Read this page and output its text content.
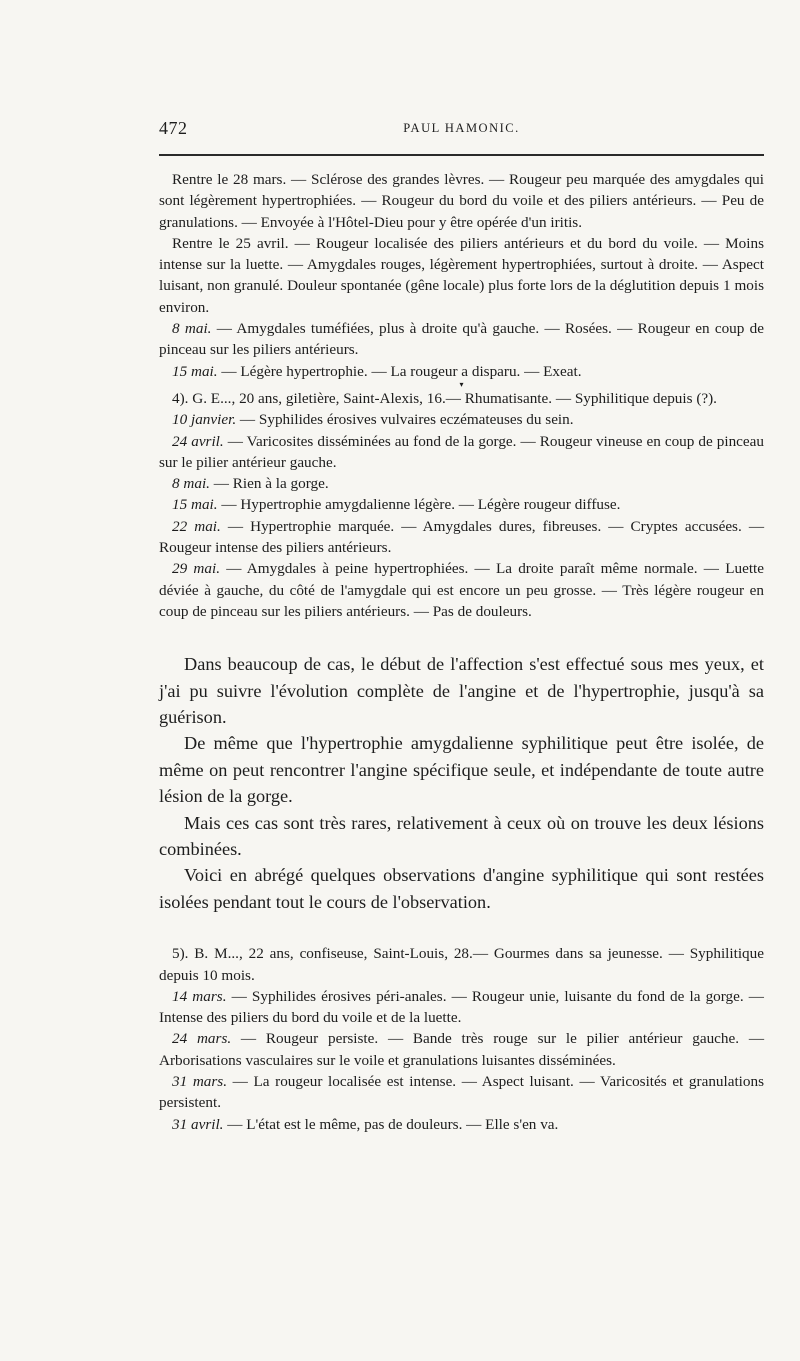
472	PAUL HAMONIC.

Rentre le 28 mars. — Sclérose des grandes lèvres. — Rougeur peu marquée des amygdales qui sont légèrement hypertrophiées. — Rougeur du bord du voile et des piliers antérieurs. — Peu de granulations. — Envoyée à l'Hôtel-Dieu pour y être opérée d'un iritis.

Rentre le 25 avril. — Rougeur localisée des piliers antérieurs et du bord du voile. — Moins intense sur la luette. — Amygdales rouges, légèrement hypertrophiées, surtout à droite. — Aspect luisant, non granulé. Douleur spontanée (gêne locale) plus forte lors de la déglutition depuis 1 mois environ.

8 mai. — Amygdales tuméfiées, plus à droite qu'à gauche. — Rosées. — Rougeur en coup de pinceau sur les piliers antérieurs.

15 mai. — Légère hypertrophie. — La rougeur a disparu. — Exeat.

▾

4). G. E..., 20 ans, giletière, Saint-Alexis, 16.— Rhumatisante. — Syphilitique depuis (?).

10 janvier. — Syphilides érosives vulvaires eczémateuses du sein.

24 avril. — Varicosites disséminées au fond de la gorge. — Rougeur vineuse en coup de pinceau sur le pilier antérieur gauche.

8 mai. — Rien à la gorge.

15 mai. — Hypertrophie amygdalienne légère. — Légère rougeur diffuse.

22 mai. — Hypertrophie marquée. — Amygdales dures, fibreuses. — Cryptes accusées. — Rougeur intense des piliers antérieurs.

29 mai. — Amygdales à peine hypertrophiées. — La droite paraît même normale. — Luette déviée à gauche, du côté de l'amygdale qui est encore un peu grosse. — Très légère rougeur en coup de pinceau sur les piliers antérieurs. — Pas de douleurs.

Dans beaucoup de cas, le début de l'affection s'est effectué sous mes yeux, et j'ai pu suivre l'évolution complète de l'angine et de l'hypertrophie, jusqu'à sa guérison.

De même que l'hypertrophie amygdalienne syphilitique peut être isolée, de même on peut rencontrer l'angine spécifique seule, et indépendante de toute autre lésion de la gorge.

Mais ces cas sont très rares, relativement à ceux où on trouve les deux lésions combinées.

Voici en abrégé quelques observations d'angine syphilitique qui sont restées isolées pendant tout le cours de l'observation.

5). B. M..., 22 ans, confiseuse, Saint-Louis, 28.— Gourmes dans sa jeunesse. — Syphilitique depuis 10 mois.

14 mars. — Syphilides érosives péri-anales. — Rougeur unie, luisante du fond de la gorge. — Intense des piliers du bord du voile et de la luette.

24 mars. — Rougeur persiste. — Bande très rouge sur le pilier antérieur gauche. — Arborisations vasculaires sur le voile et granulations luisantes disséminées.

31 mars. — La rougeur localisée est intense. — Aspect luisant. — Varicosités et granulations persistent.

31 avril. — L'état est le même, pas de douleurs. — Elle s'en va.
